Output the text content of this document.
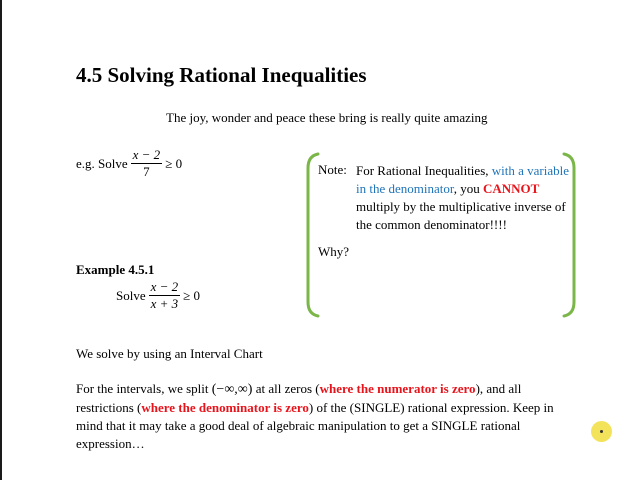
4.5 Solving Rational Inequalities
The joy, wonder and peace these bring is really quite amazing
e.g. Solve $\frac{x - 2}{7} \ge 0$	Note: For Rational Inequalities, with a variable in the denominator, you CANNOT multiply by the multiplicative inverse of the common denominator!!!!
Why?
Example 4.5.1
Solve $\frac{x - 2}{x + 3} \ge 0$
We solve by using an Interval Chart
For the intervals, we split (−∞,∞) at all zeros (where the numerator is zero), and all restrictions (where the denominator is zero) of the (SINGLE) rational expression. Keep in mind that it may take a good deal of algebraic manipulation to get a SINGLE rational expression…
